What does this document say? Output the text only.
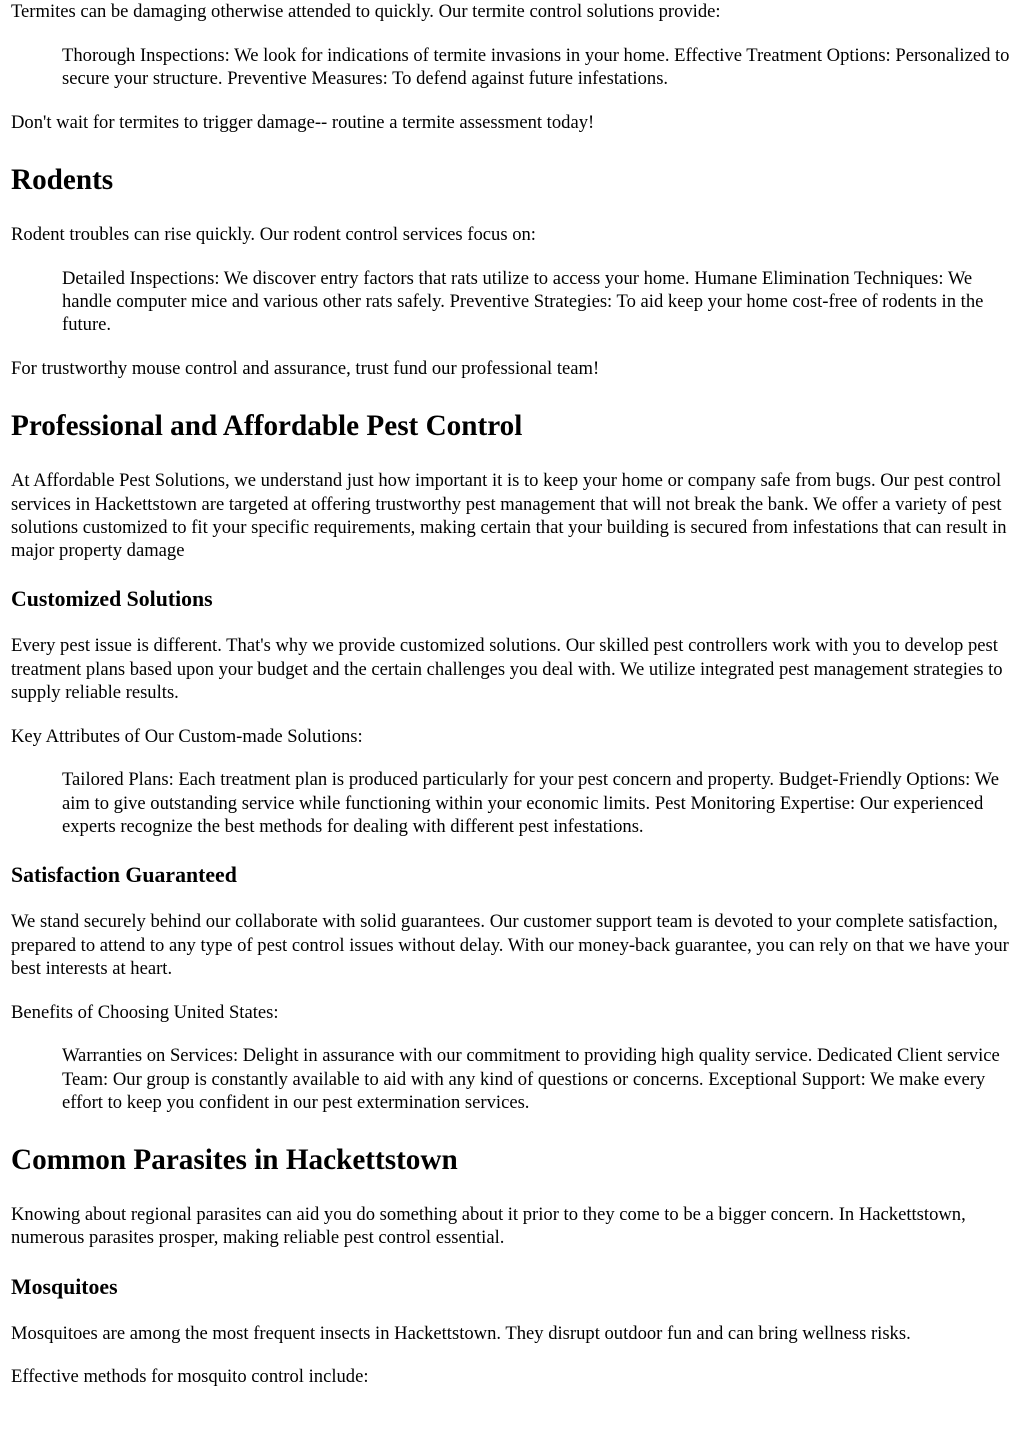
Termites can be damaging otherwise attended to quickly. Our termite control solutions provide:

Thorough Inspections: We look for indications of termite invasions in your home. Effective Treatment Options: Personalized to secure your structure. Preventive Measures: To defend against future infestations.

Don't wait for termites to trigger damage-- routine a termite assessment today!

Rodents

Rodent troubles can rise quickly. Our rodent control services focus on:

Detailed Inspections: We discover entry factors that rats utilize to access your home. Humane Elimination Techniques: We handle computer mice and various other rats safely. Preventive Strategies: To aid keep your home cost-free of rodents in the future.

For trustworthy mouse control and assurance, trust fund our professional team!

Professional and Affordable Pest Control

At Affordable Pest Solutions, we understand just how important it is to keep your home or company safe from bugs. Our pest control services in Hackettstown are targeted at offering trustworthy pest management that will not break the bank. We offer a variety of pest solutions customized to fit your specific requirements, making certain that your building is secured from infestations that can result in major property damage

Customized Solutions

Every pest issue is different. That's why we provide customized solutions. Our skilled pest controllers work with you to develop pest treatment plans based upon your budget and the certain challenges you deal with. We utilize integrated pest management strategies to supply reliable results.

Key Attributes of Our Custom-made Solutions:

Tailored Plans: Each treatment plan is produced particularly for your pest concern and property. Budget-Friendly Options: We aim to give outstanding service while functioning within your economic limits. Pest Monitoring Expertise: Our experienced experts recognize the best methods for dealing with different pest infestations.
Satisfaction Guaranteed

We stand securely behind our collaborate with solid guarantees. Our customer support team is devoted to your complete satisfaction, prepared to attend to any type of pest control issues without delay. With our money-back guarantee, you can rely on that we have your best interests at heart.

Benefits of Choosing United States:

Warranties on Services: Delight in assurance with our commitment to providing high quality service. Dedicated Client service Team: Our group is constantly available to aid with any kind of questions or concerns. Exceptional Support: We make every effort to keep you confident in our pest extermination services.
Common Parasites in Hackettstown

Knowing about regional parasites can aid you do something about it prior to they come to be a bigger concern. In Hackettstown, numerous parasites prosper, making reliable pest control essential.

Mosquitoes

Mosquitoes are among the most frequent insects in Hackettstown. They disrupt outdoor fun and can bring wellness risks.

Effective methods for mosquito control include:
